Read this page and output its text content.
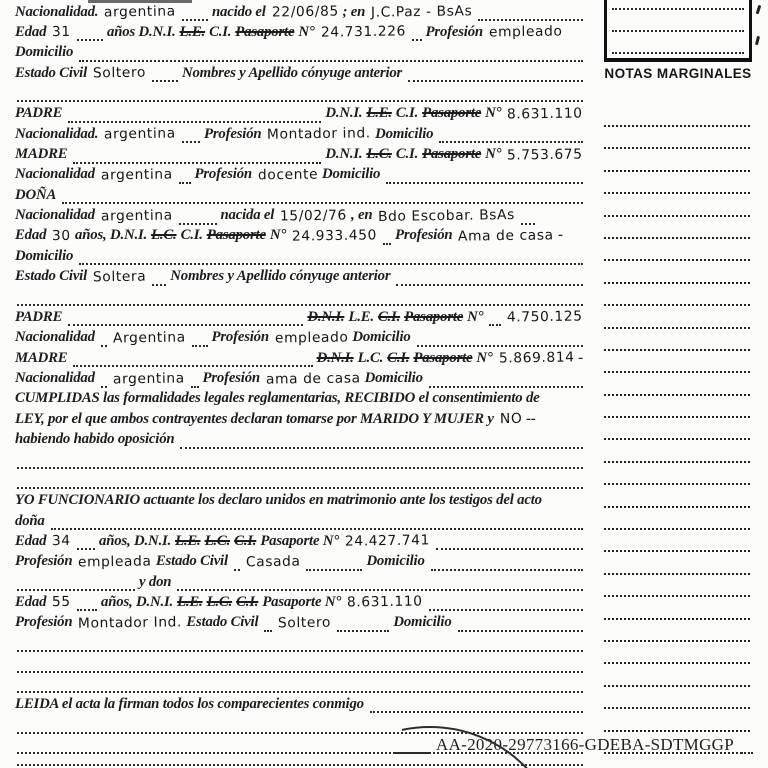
Nacionalidad. argentina nacido el 22/06/85 ; en J.C.Paz - BsAs
Edad 31 años D.N.I. L.E. C.I. Pasaporte N° 24.731.226 Profesión empleado
Domicilio
Estado Civil Soltero Nombres y Apellido cónyuge anterior
PADRE	D.N.I. L.E. C.I. Pasaporte N° 8.631.110
Nacionalidad. argentina Profesión Montador ind. Domicilio
MADRE	D.N.I. L.C. C.I. Pasaporte N° 5.753.675
Nacionalidad argentina Profesión docente Domicilio
DOÑA
Nacionalidad argentina	nacida el 15/02/76 , en Bdo Escobar. BsAs
Edad 30 años, D.N.I. L.C. C.I. Pasaporte N° 24.933.450 Profesión Ama de casa -
Domicilio
Estado Civil Soltera Nombres y Apellido cónyuge anterior
PADRE	D.N.I. L.E. C.I. Pasaporte N° 4.750.125
Nacionalidad Argentina Profesión empleado Domicilio
MADRE	D.N.I. L.C. C.I. Pasaporte N° 5.869.814 -
Nacionalidad argentina Profesión ama de casa Domicilio
CUMPLIDAS las formalidades legales reglamentarias, RECIBIDO el consentimiento de
LEY, por el que ambos contrayentes declaran tomarse por MARIDO Y MUJER y NO --
habiendo habido oposición
YO FUNCIONARIO actuante los declaro unidos en matrimonio ante los testigos del acto
doña
Edad 34 años, D.N.I. L.E. L.C. C.I. Pasaporte N° 24.427.741
Profesión empleada Estado Civil Casada	Domicilio
y don
Edad 55 años, D.N.I. L.E. L.C. C.I. Pasaporte N° 8.631.110
Profesión Montador Ind. Estado Civil Soltero	Domicilio
LEIDA el acta la firman todos los comparecientes conmigo
NOTAS MARGINALES
AA-2020-29773166-GDEBA-SDTMGGP
